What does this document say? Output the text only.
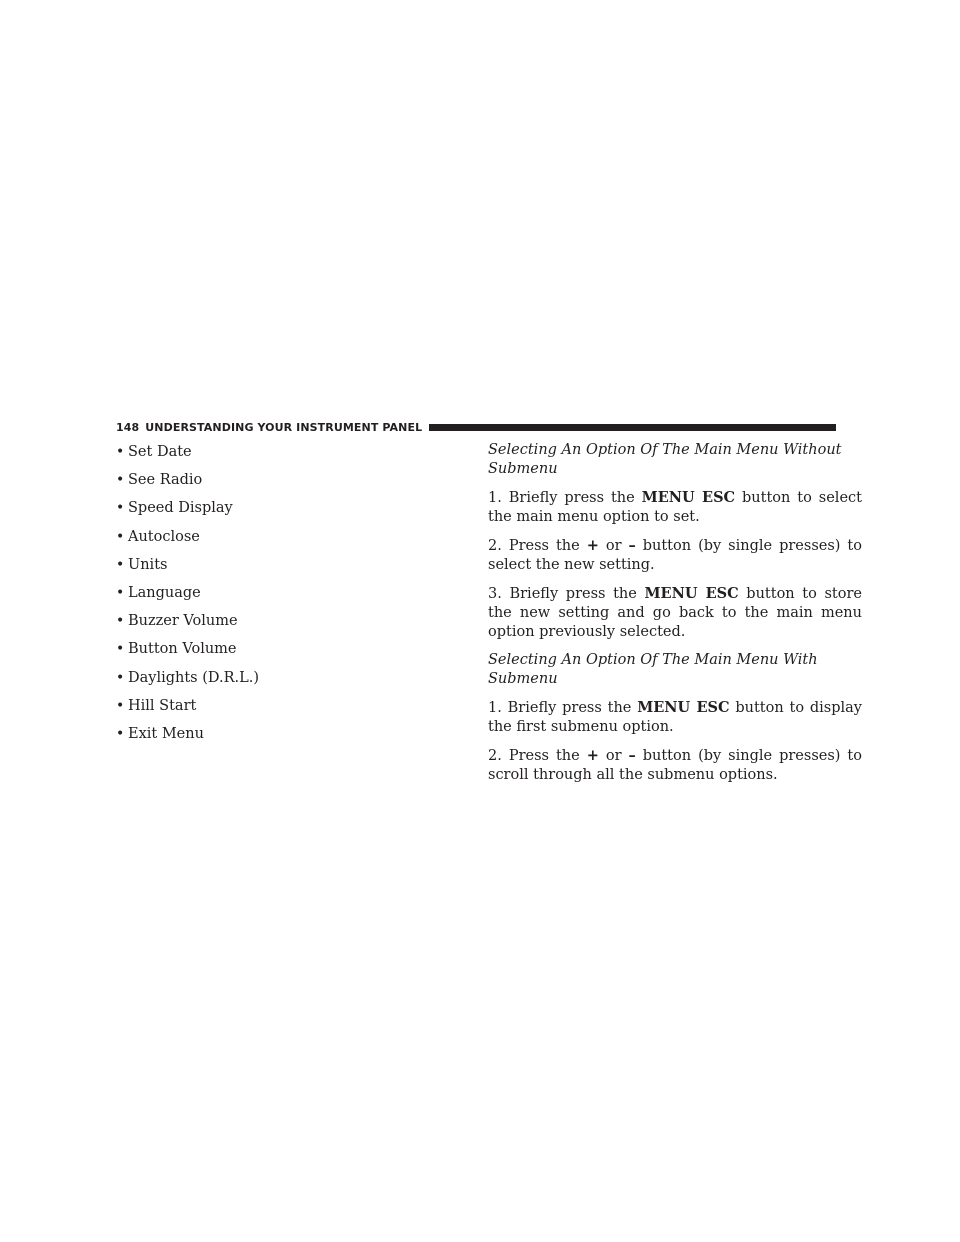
148 UNDERSTANDING YOUR INSTRUMENT PANEL
• Set Date
• See Radio
• Speed Display
• Autoclose
• Units
• Language
• Buzzer Volume
• Button Volume
• Daylights (D.R.L.)
• Hill Start
• Exit Menu

Selecting An Option Of The Main Menu Without Submenu

1. Briefly press the MENU ESC button to select the main menu option to set.

2. Press the + or – button (by single presses) to select the new setting.

3. Briefly press the MENU ESC button to store the new setting and go back to the main menu option previously selected.

Selecting An Option Of The Main Menu With Submenu

1. Briefly press the MENU ESC button to display the first submenu option.

2. Press the + or – button (by single presses) to scroll through all the submenu options.
